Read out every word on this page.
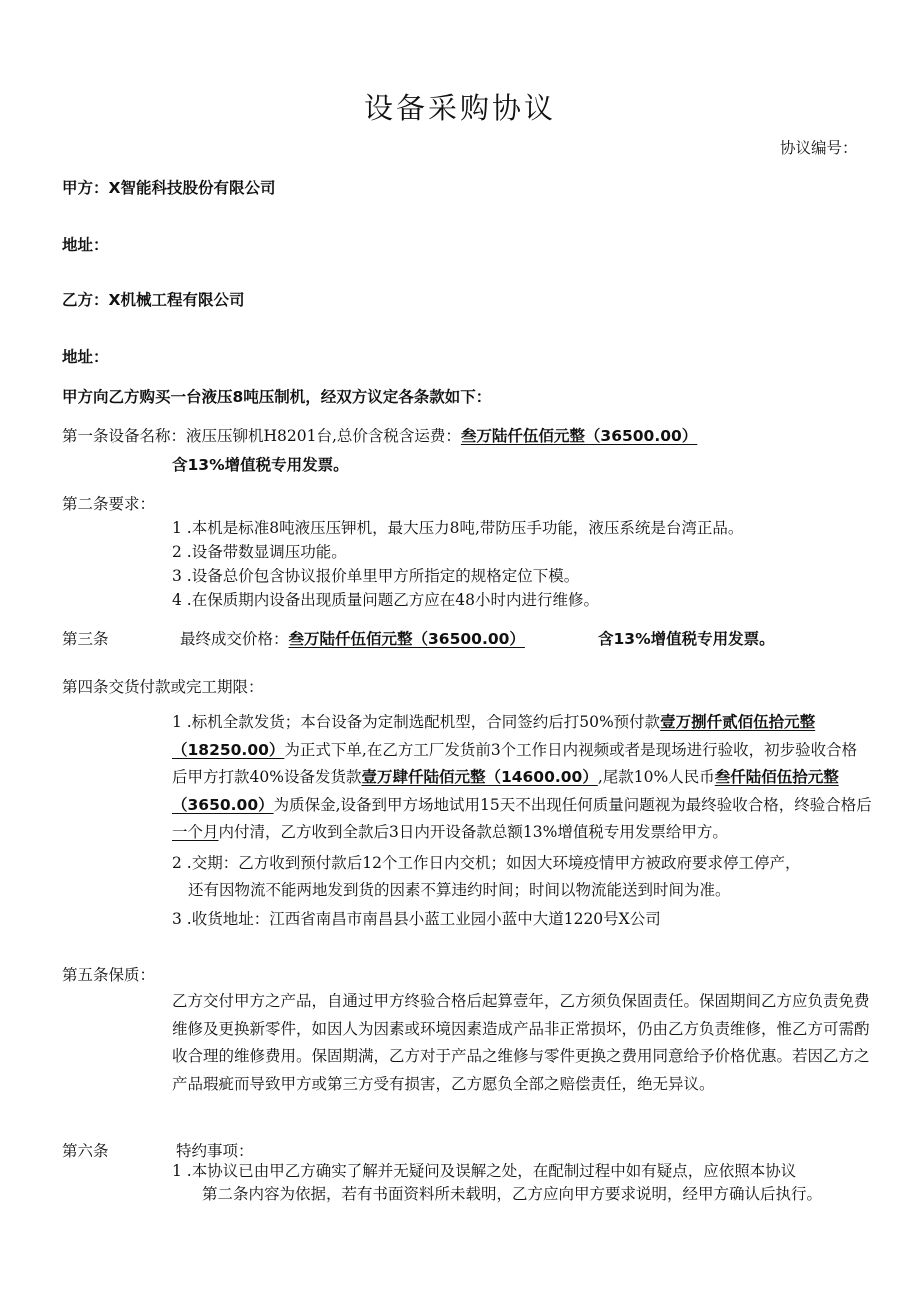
设备采购协议
协议编号：
甲方：X智能科技股份有限公司
地址：
乙方：X机械工程有限公司
地址：
甲方向乙方购买一台液压8吨压制机，经双方议定各条款如下：
第一条设备名称：液压压铆机H8201台,总价含税含运费：叁万陆仟伍佰元整（36500.00）
含13%增值税专用发票。
第二条要求：
1 .本机是标准8吨液压压钾机，最大压力8吨,带防压手功能，液压系统是台湾正品。
2 .设备带数显调压功能。
3 .设备总价包含协议报价单里甲方所指定的规格定位下模。
4 .在保质期内设备出现质量问题乙方应在48小时内进行维修。
第三条	最终成交价格：叁万陆仟伍佰元整（36500.00）	含13%增值税专用发票。
第四条交货付款或完工期限：
1 .标机全款发货；本台设备为定制选配机型，合同签约后打50%预付款壹万捌仟贰佰伍拾元整（18250.00）为正式下单,在乙方工厂发货前3个工作日内视频或者是现场进行验收，初步验收合格后甲方打款40%设备发货款壹万肆仟陆佰元整（14600.00）,尾款10%人民币叁仟陆佰伍拾元整（3650.00）为质保金,设备到甲方场地试用15天不出现任何质量问题视为最终验收合格，终验合格后一个月内付清，乙方收到全款后3日内开设备款总额13%增值税专用发票给甲方。
2 .交期：乙方收到预付款后12个工作日内交机；如因大环境疫情甲方被政府要求停工停产，
还有因物流不能两地发到货的因素不算违约时间；时间以物流能送到时间为准。
3 .收货地址：江西省南昌市南昌县小蓝工业园小蓝中大道1220号X公司
第五条保质：
乙方交付甲方之产品，自通过甲方终验合格后起算壹年，乙方须负保固责任。保固期间乙方应负责免费维修及更换新零件，如因人为因素或环境因素造成产品非正常损坏，仍由乙方负责维修，惟乙方可需酌收合理的维修费用。保固期满，乙方对于产品之维修与零件更换之费用同意给予价格优惠。若因乙方之产品瑕疵而导致甲方或第三方受有损害，乙方愿负全部之赔偿责任，绝无异议。
第六条	特约事项：
1 .本协议已由甲乙方确实了解并无疑问及误解之处，在配制过程中如有疑点，应依照本协议
第二条内容为依据，若有书面资料所未载明，乙方应向甲方要求说明，经甲方确认后执行。
